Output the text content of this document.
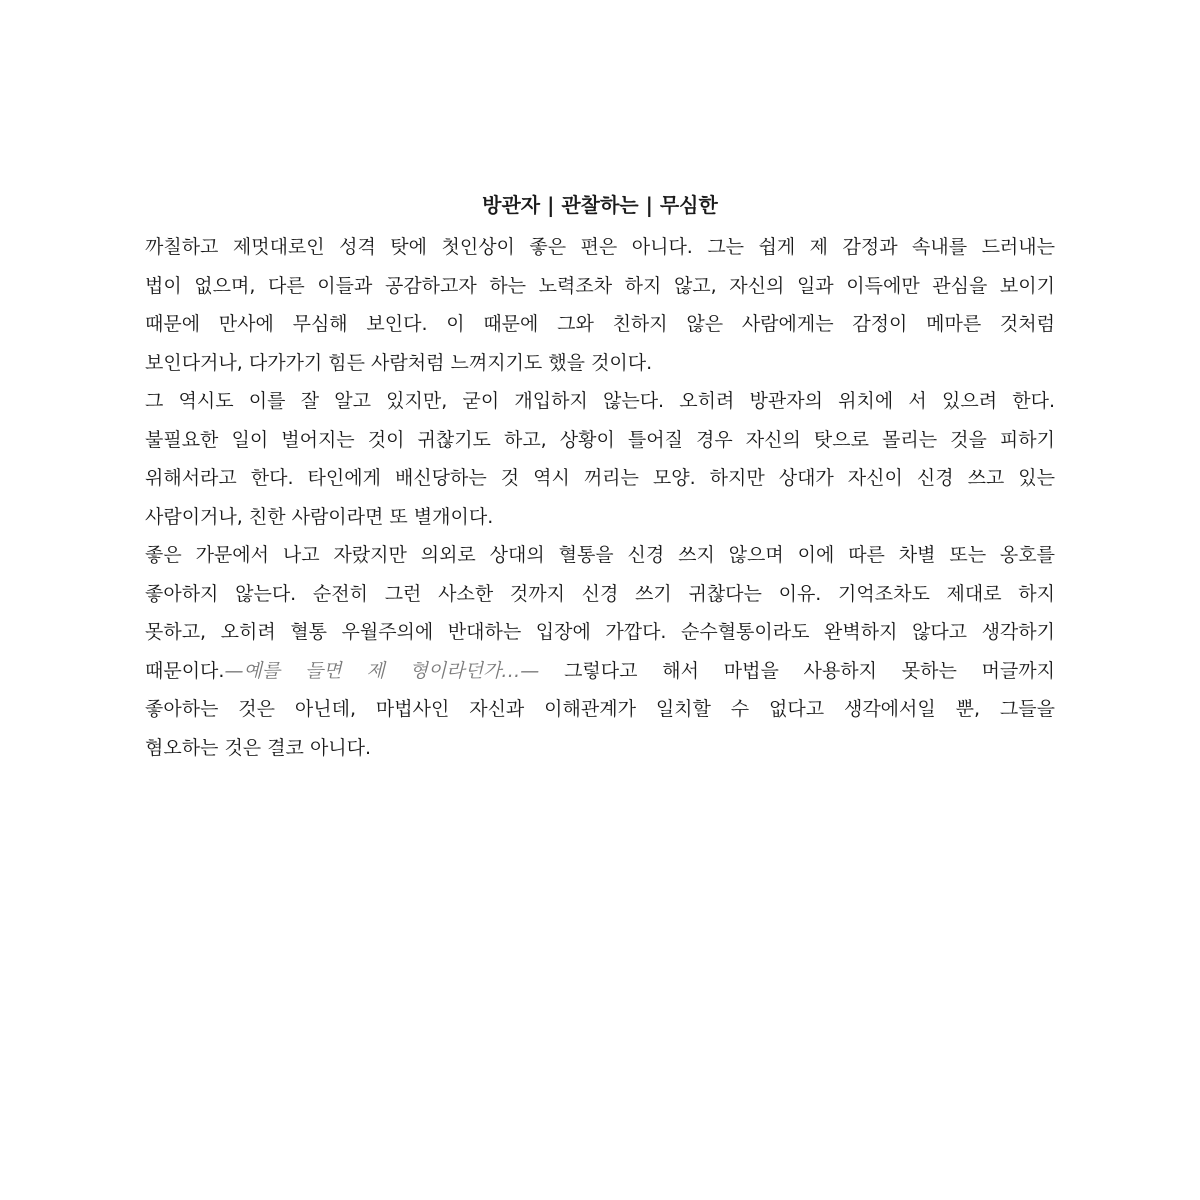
방관자 | 관찰하는 | 무심한
까칠하고 제멋대로인 성격 탓에 첫인상이 좋은 편은 아니다. 그는 쉽게 제 감정과 속내를 드러내는
법이 없으며, 다른 이들과 공감하고자 하는 노력조차 하지 않고, 자신의 일과 이득에만 관심을 보이기
때문에 만사에 무심해 보인다. 이 때문에 그와 친하지 않은 사람에게는 감정이 메마른 것처럼
보인다거나, 다가가기 힘든 사람처럼 느껴지기도 했을 것이다.
그 역시도 이를 잘 알고 있지만, 굳이 개입하지 않는다. 오히려 방관자의 위치에 서 있으려 한다.
불필요한 일이 벌어지는 것이 귀찮기도 하고, 상황이 틀어질 경우 자신의 탓으로 몰리는 것을 피하기
위해서라고 한다. 타인에게 배신당하는 것 역시 꺼리는 모양. 하지만 상대가 자신이 신경 쓰고 있는
사람이거나, 친한 사람이라면 또 별개이다.
좋은 가문에서 나고 자랐지만 의외로 상대의 혈통을 신경 쓰지 않으며 이에 따른 차별 또는 옹호를
좋아하지 않는다. 순전히 그런 사소한 것까지 신경 쓰기 귀찮다는 이유. 기억조차도 제대로 하지
못하고, 오히려 혈통 우월주의에 반대하는 입장에 가깝다. 순수혈통이라도 완벽하지 않다고 생각하기
때문이다.—예를 들면 제 형이라던가…— 그렇다고 해서 마법을 사용하지 못하는 머글까지
좋아하는 것은 아닌데, 마법사인 자신과 이해관계가 일치할 수 없다고 생각에서일 뿐, 그들을
혐오하는 것은 결코 아니다.
